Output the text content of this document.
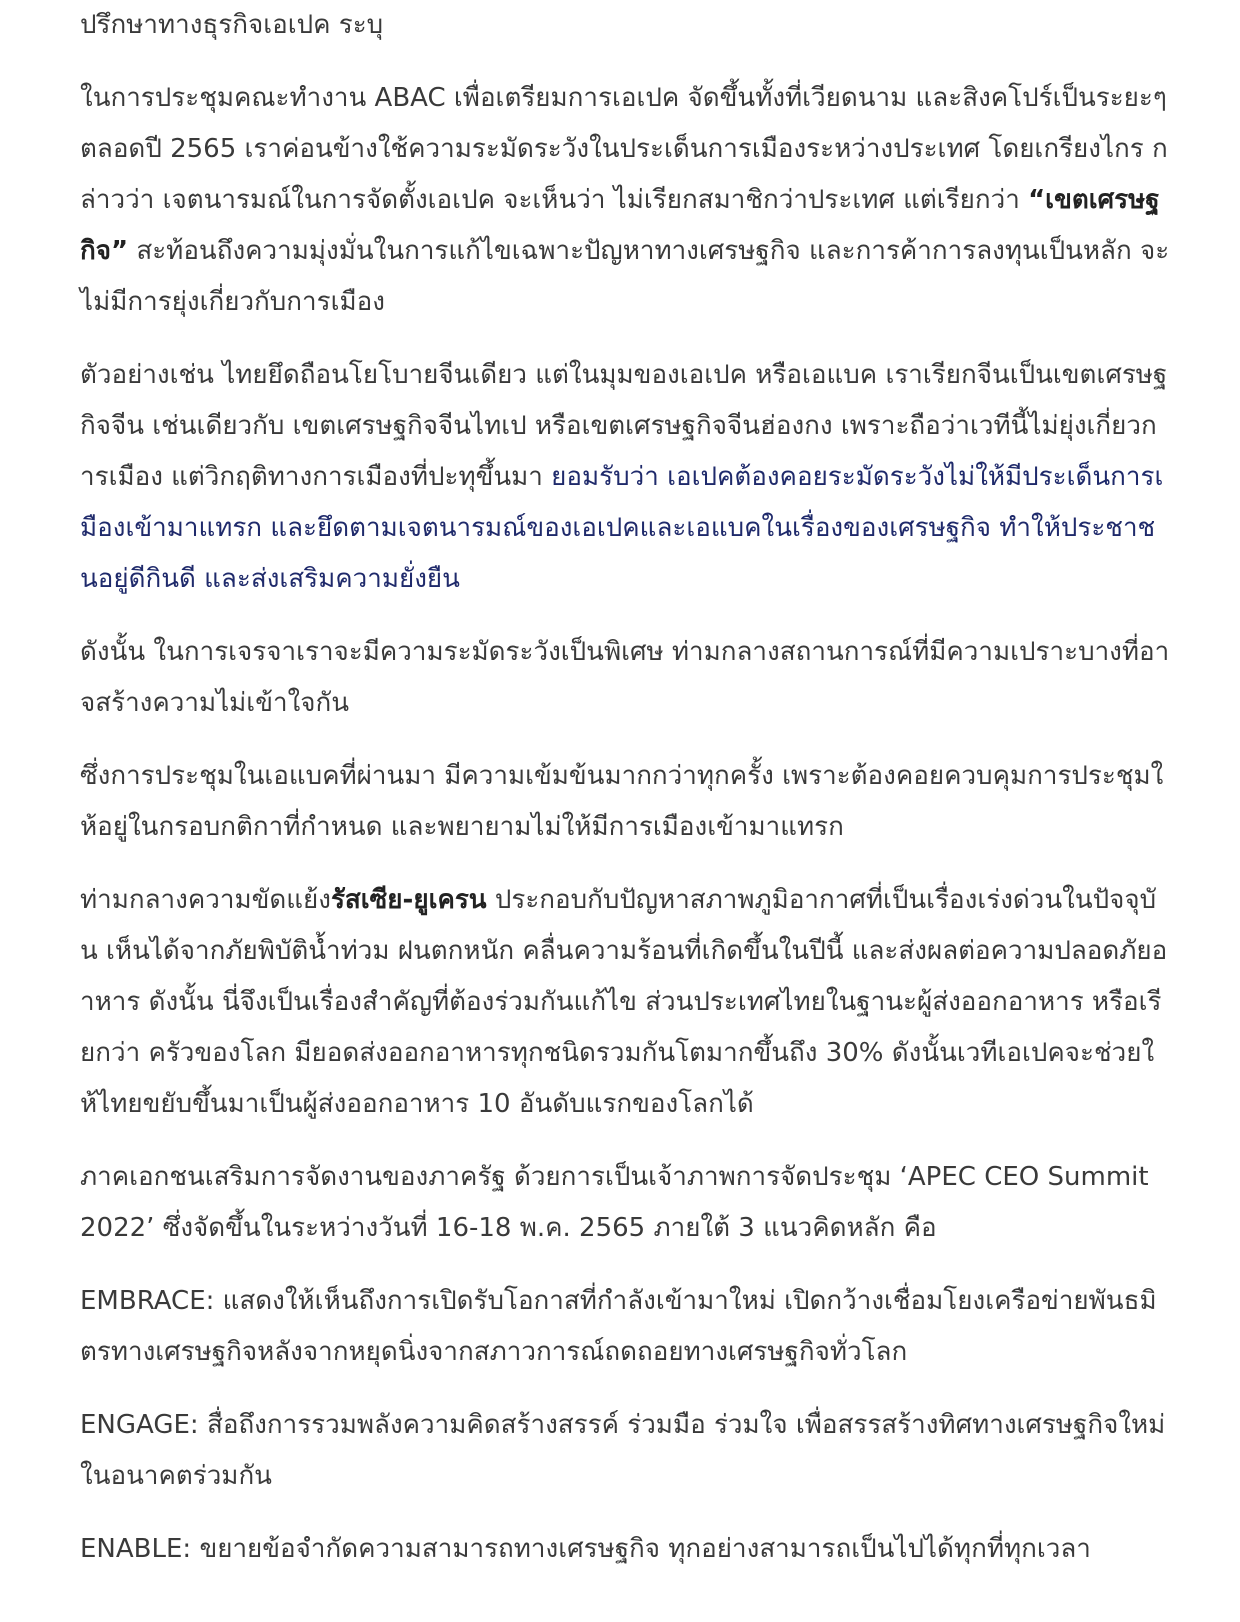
ปรึกษาทางธุรกิจเอเปค ระบุ

ในการประชุมคณะทำงาน ABAC เพื่อเตรียมการเอเปค จัดขึ้นทั้งที่เวียดนาม และสิงคโปร์เป็นระยะๆ ตลอดปี 2565 เราค่อนข้างใช้ความระมัดระวังในประเด็นการเมืองระหว่างประเทศ โดยเกรียงไกร กล่าวว่า เจตนารมณ์ในการจัดตั้งเอเปค จะเห็นว่า ไม่เรียกสมาชิกว่าประเทศ แต่เรียกว่า “เขตเศรษฐกิจ” สะท้อนถึงความมุ่งมั่นในการแก้ไขเฉพาะปัญหาทางเศรษฐกิจ และการค้าการลงทุนเป็นหลัก จะไม่มีการยุ่งเกี่ยวกับการเมือง

ตัวอย่างเช่น ไทยยึดถือนโยโบายจีนเดียว แต่ในมุมของเอเปค หรือเอแบค เราเรียกจีนเป็นเขตเศรษฐกิจจีน เช่นเดียวกับ เขตเศรษฐกิจจีนไทเป หรือเขตเศรษฐกิจจีนฮ่องกง เพราะถือว่าเวทีนี้ไม่ยุ่งเกี่ยวการเมือง แต่วิกฤติทางการเมืองที่ปะทุขึ้นมา ยอมรับว่า เอเปคต้องคอยระมัดระวังไม่ให้มีประเด็นการเมืองเข้ามาแทรก และยึดตามเจตนารมณ์ของเอเปคและเอแบคในเรื่องของเศรษฐกิจ ทำให้ประชาชนอยู่ดีกินดี และส่งเสริมความยั่งยืน

ดังนั้น ในการเจรจาเราจะมีความระมัดระวังเป็นพิเศษ ท่ามกลางสถานการณ์ที่มีความเปราะบางที่อาจสร้างความไม่เข้าใจกัน

ซึ่งการประชุมในเอแบคที่ผ่านมา มีความเข้มข้นมากกว่าทุกครั้ง เพราะต้องคอยควบคุมการประชุมให้อยู่ในกรอบกติกาที่กำหนด และพยายามไม่ให้มีการเมืองเข้ามาแทรก

ท่ามกลางความขัดแย้งรัสเซีย-ยูเครน ประกอบกับปัญหาสภาพภูมิอากาศที่เป็นเรื่องเร่งด่วนในปัจจุบัน เห็นได้จากภัยพิบัติน้ำท่วม ฝนตกหนัก คลื่นความร้อนที่เกิดขึ้นในปีนี้ และส่งผลต่อความปลอดภัยอาหาร ดังนั้น นี่จึงเป็นเรื่องสำคัญที่ต้องร่วมกันแก้ไข ส่วนประเทศไทยในฐานะผู้ส่งออกอาหาร หรือเรียกว่า ครัวของโลก มียอดส่งออกอาหารทุกชนิดรวมกันโตมากขึ้นถึง 30% ดังนั้นเวทีเอเปคจะช่วยให้ไทยขยับขึ้นมาเป็นผู้ส่งออกอาหาร 10 อันดับแรกของโลกได้

ภาคเอกชนเสริมการจัดงานของภาครัฐ ด้วยการเป็นเจ้าภาพการจัดประชุม ‘APEC CEO Summit 2022’ ซึ่งจัดขึ้นในระหว่างวันที่ 16-18 พ.ค. 2565 ภายใต้ 3 แนวคิดหลัก คือ

EMBRACE: แสดงให้เห็นถึงการเปิดรับโอกาสที่กำลังเข้ามาใหม่ เปิดกว้างเชื่อมโยงเครือข่ายพันธมิตรทางเศรษฐกิจหลังจากหยุดนิ่งจากสภาวการณ์ถดถอยทางเศรษฐกิจทั่วโลก

ENGAGE: สื่อถึงการรวมพลังความคิดสร้างสรรค์ ร่วมมือ ร่วมใจ เพื่อสรรสร้างทิศทางเศรษฐกิจใหม่ในอนาคตร่วมกัน

ENABLE: ขยายข้อจำกัดความสามารถทางเศรษฐกิจ ทุกอย่างสามารถเป็นไปได้ทุกที่ทุกเวลา
